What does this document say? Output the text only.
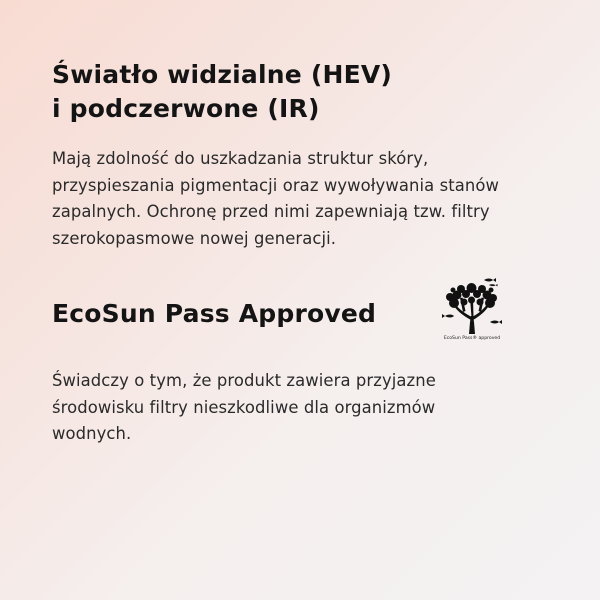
Światło widzialne (HEV)
i podczerwone (IR)

Mają zdolność do uszkadzania struktur skóry,
przyspieszania pigmentacji oraz wywoływania stanów
zapalnych. Ochronę przed nimi zapewniają tzw. filtry
szerokopasmowe nowej generacji.

EcoSun Pass Approved
EcoSun Pass® approved

Świadczy o tym, że produkt zawiera przyjazne
środowisku filtry nieszkodliwe dla organizmów
wodnych.
